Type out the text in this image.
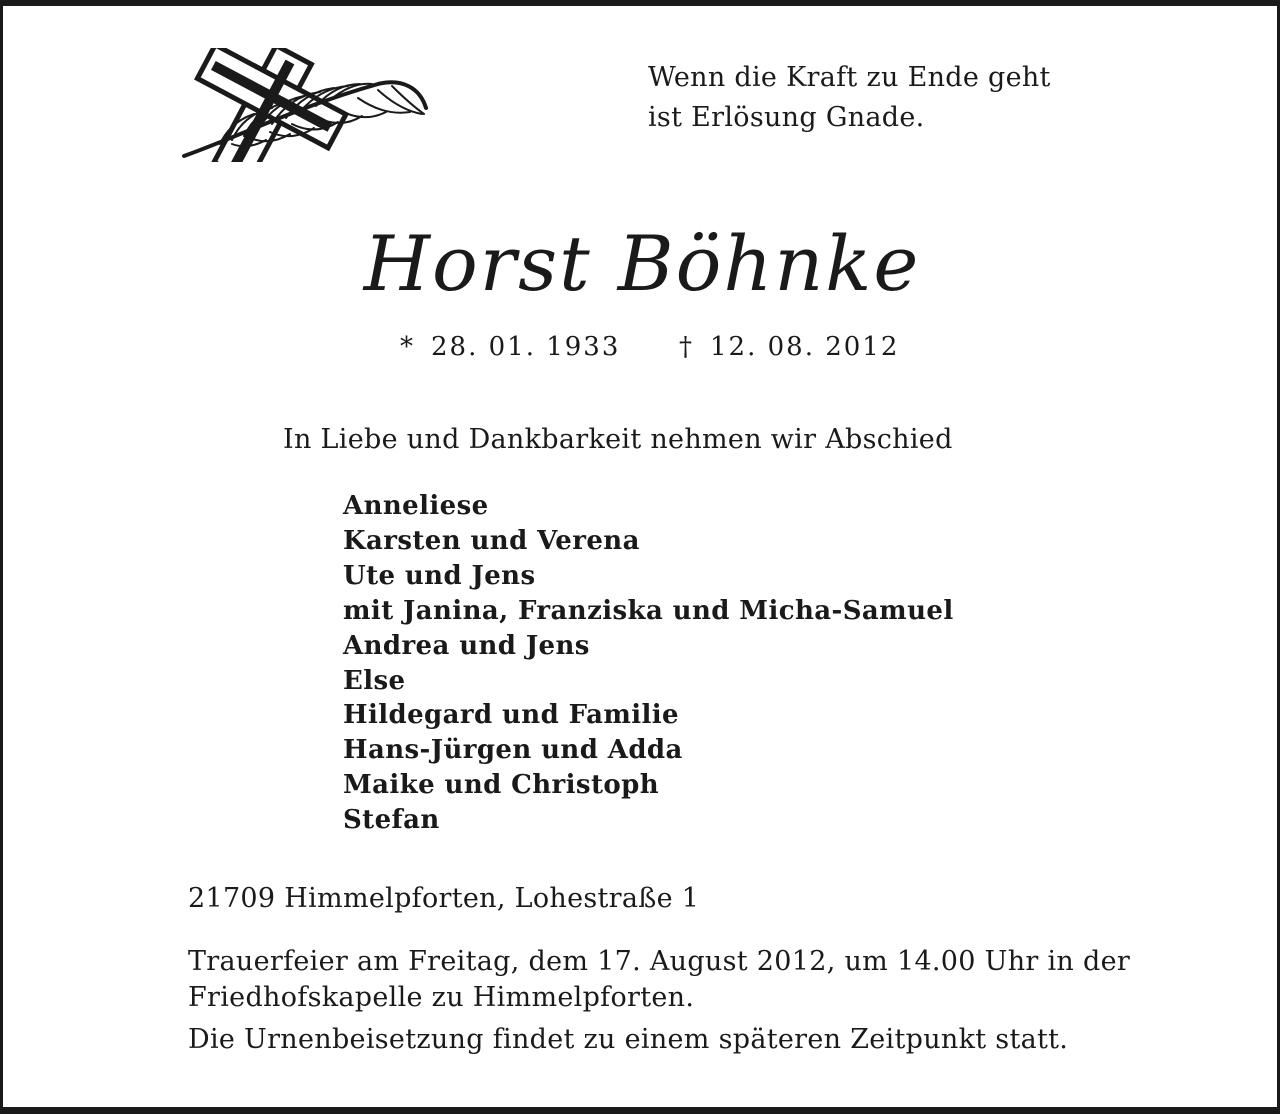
Wenn die Kraft zu Ende geht
ist Erlösung Gnade.
Horst Böhnke
* 28. 01. 1933 † 12. 08. 2012
In Liebe und Dankbarkeit nehmen wir Abschied
Anneliese
Karsten und Verena
Ute und Jens
mit Janina, Franziska und Micha-Samuel
Andrea und Jens
Else
Hildegard und Familie
Hans-Jürgen und Adda
Maike und Christoph
Stefan
21709 Himmelpforten, Lohestraße 1

Trauerfeier am Freitag, dem 17. August 2012, um 14.00 Uhr in der

Friedhofskapelle zu Himmelpforten.

Die Urnenbeisetzung findet zu einem späteren Zeitpunkt statt.
